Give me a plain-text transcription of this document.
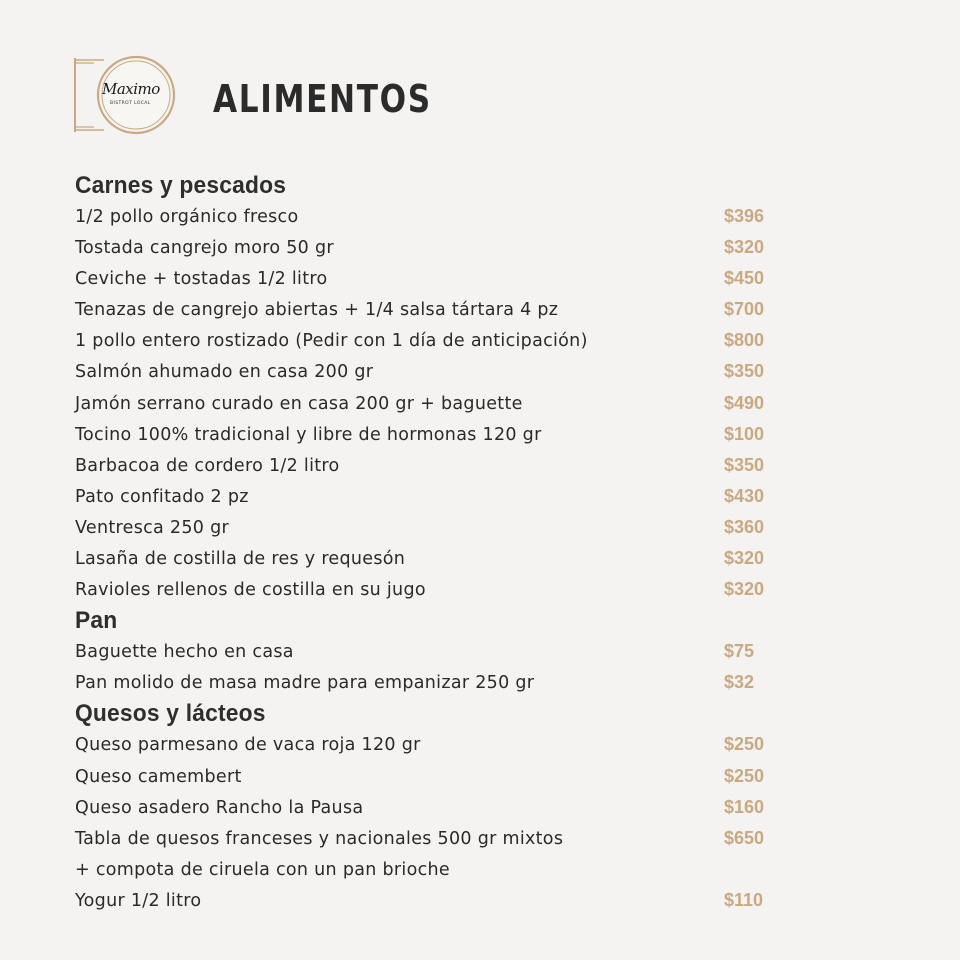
Maximo
BISTROT LOCAL ALIMENTOS
Carnes y pescados
1/2 pollo orgánico fresco	$396
Tostada cangrejo moro 50 gr	$320
Ceviche + tostadas 1/2 litro	$450
Tenazas de cangrejo abiertas + 1/4 salsa tártara 4 pz	$700
1 pollo entero rostizado (Pedir con 1 día de anticipación)	$800
Salmón ahumado en casa 200 gr	$350
Jamón serrano curado en casa 200 gr + baguette	$490
Tocino 100% tradicional y libre de hormonas 120 gr	$100
Barbacoa de cordero 1/2 litro	$350
Pato confitado 2 pz	$430
Ventresca 250 gr	$360
Lasaña de costilla de res y requesón	$320
Ravioles rellenos de costilla en su jugo	$320
Pan
Baguette hecho en casa	$75
Pan molido de masa madre para empanizar 250 gr	$32
Quesos y lácteos
Queso parmesano de vaca roja 120 gr	$250
Queso camembert	$250
Queso asadero Rancho la Pausa	$160
Tabla de quesos franceses y nacionales 500 gr mixtos	$650
+ compota de ciruela con un pan brioche
Yogur 1/2 litro	$110
